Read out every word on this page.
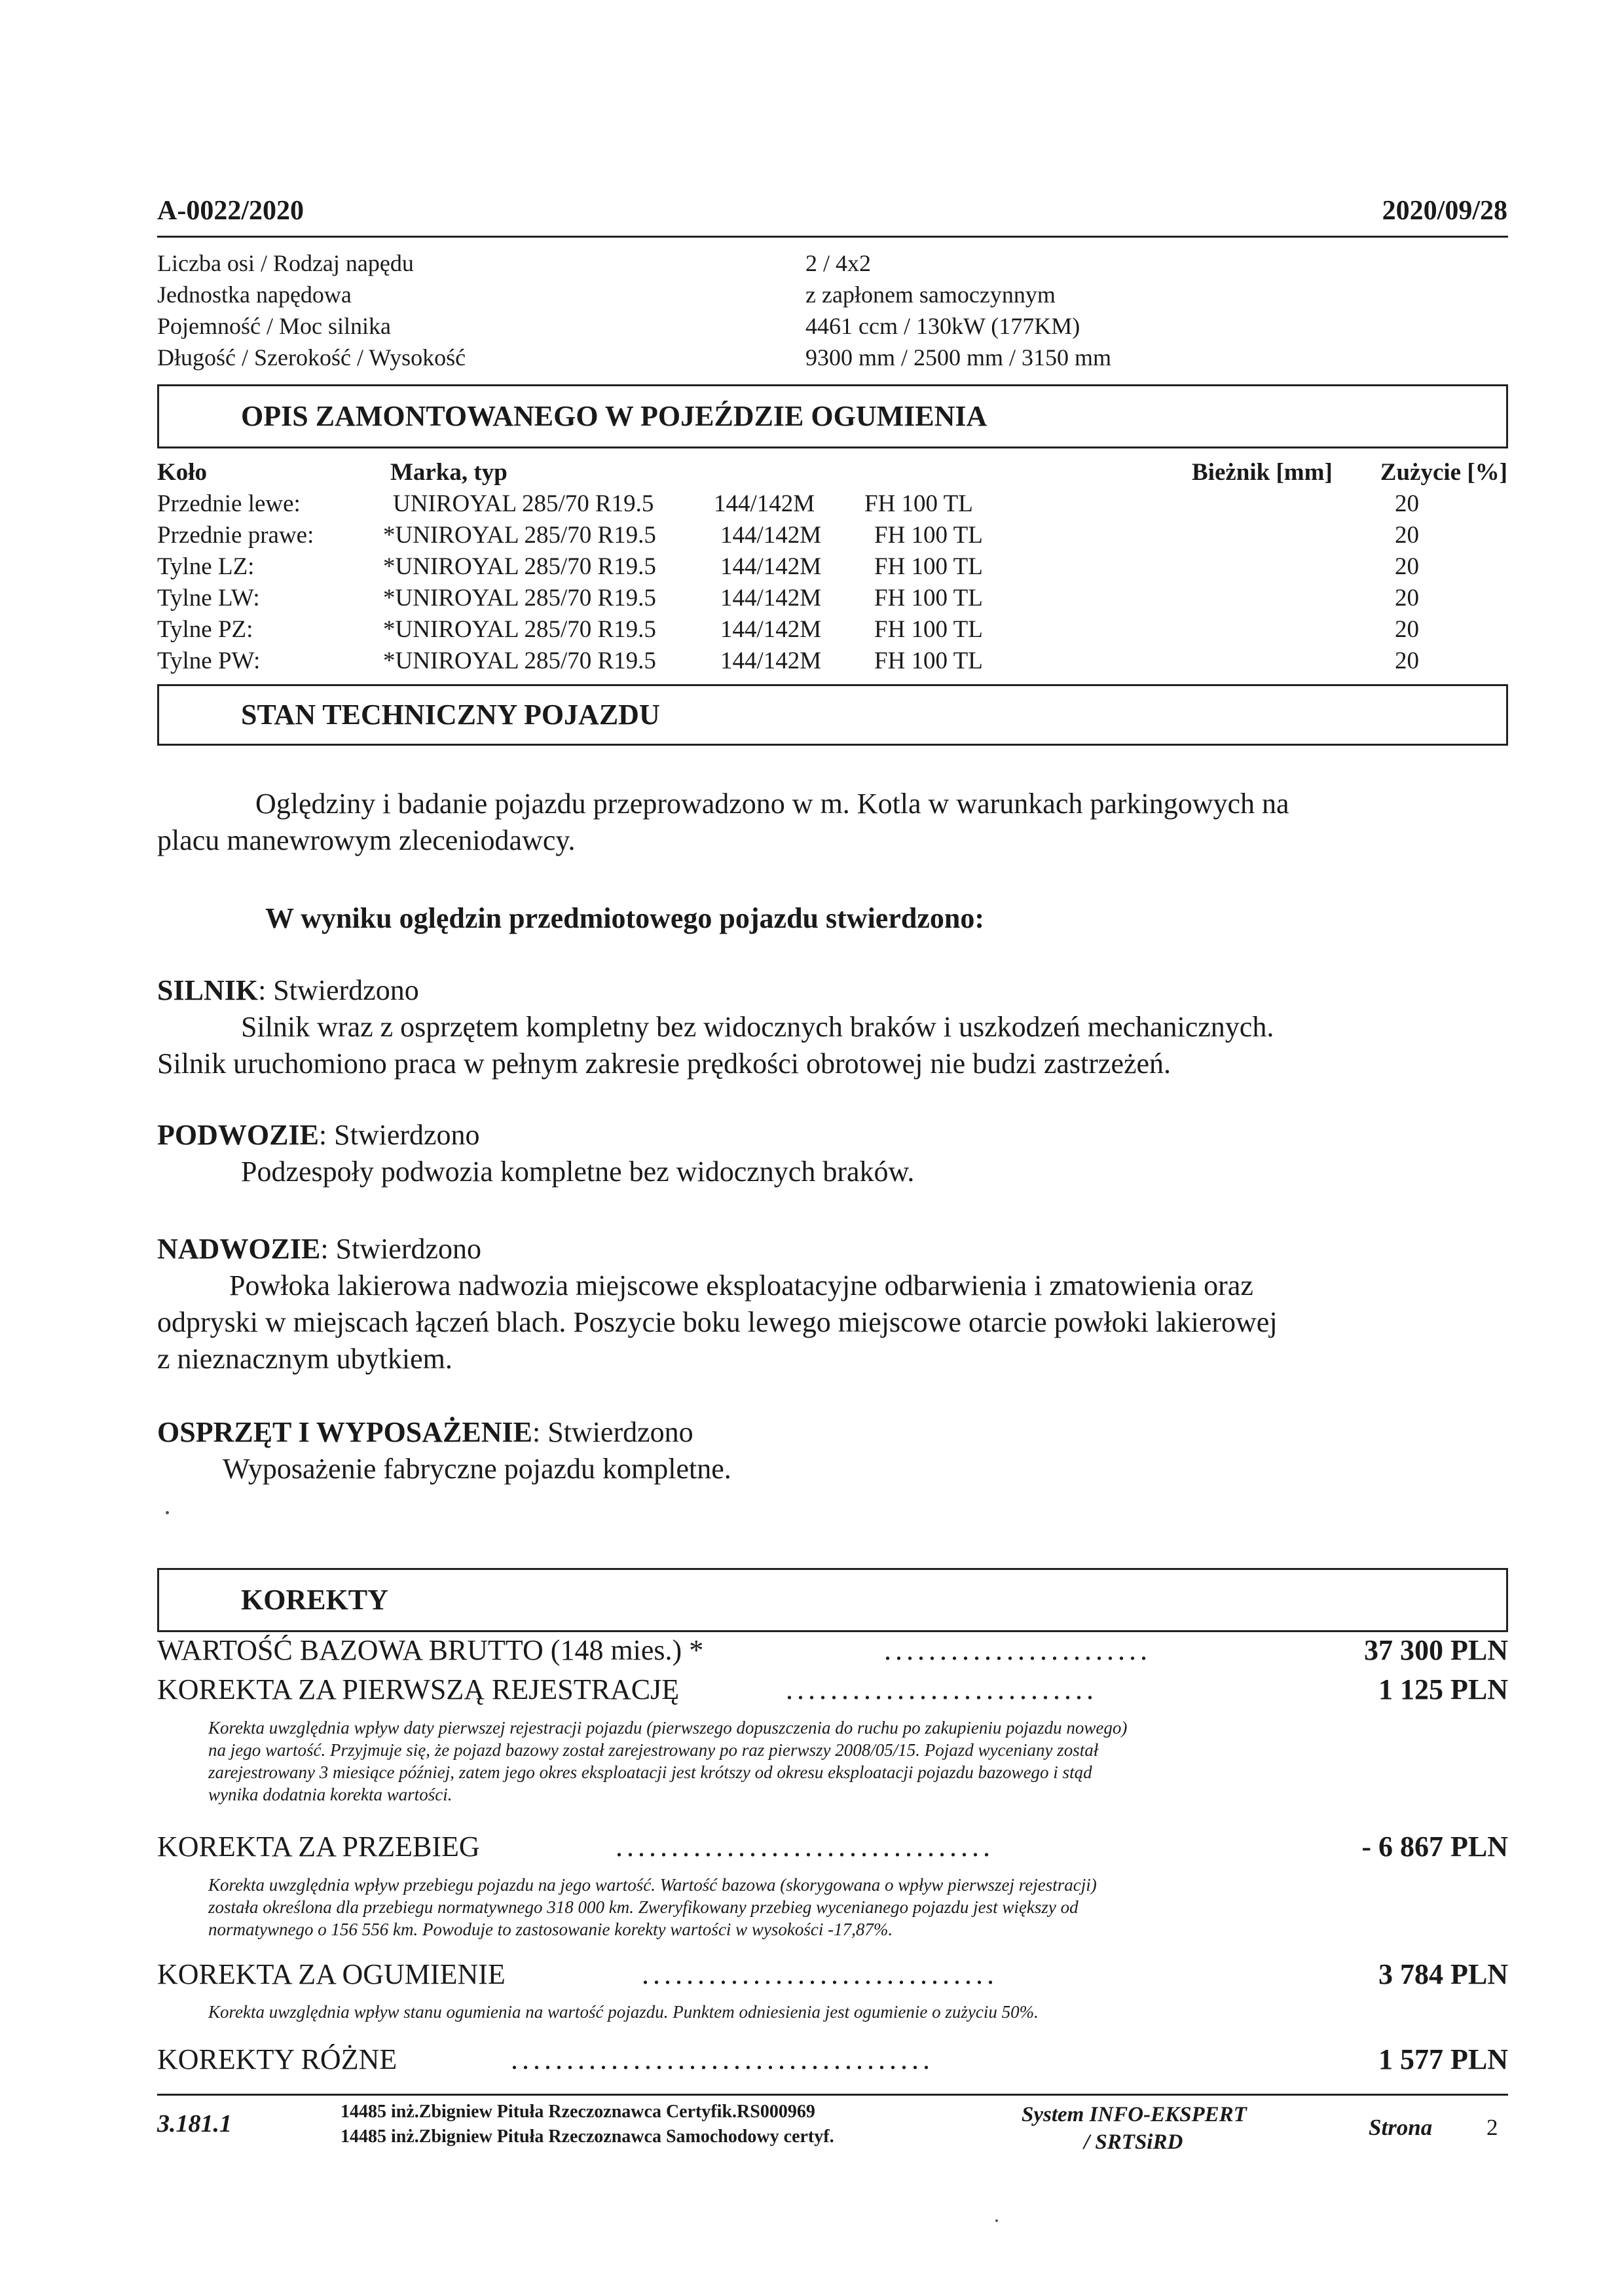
A-0022/2020	2020/09/28
Liczba osi / Rodzaj napędu	2 / 4x2
Jednostka napędowa	z zapłonem samoczynnym
Pojemność / Moc silnika	4461 ccm / 130kW (177KM)
Długość / Szerokość / Wysokość	9300 mm / 2500 mm / 3150 mm
OPIS ZAMONTOWANEGO W POJEŹDZIE OGUMIENIA
Koło	Marka, typ	Bieżnik [mm] Zużycie [%]
Przednie lewe:	UNIROYAL 285/70 R19.5 144/142M FH 100 TL	20
Przednie prawe:	*UNIROYAL 285/70 R19.5	144/142M FH 100 TL	20
Tylne LZ:	*UNIROYAL 285/70 R19.5	144/142M FH 100 TL	20
Tylne LW:	*UNIROYAL 285/70 R19.5	144/142M FH 100 TL	20
Tylne PZ:	*UNIROYAL 285/70 R19.5	144/142M FH 100 TL	20
Tylne PW:	*UNIROYAL 285/70 R19.5	144/142M FH 100 TL	20
STAN TECHNICZNY POJAZDU
Oględziny i badanie pojazdu przeprowadzono w m. Kotla w warunkach parkingowych na
placu manewrowym zleceniodawcy.
W wyniku oględzin przedmiotowego pojazdu stwierdzono:
SILNIK: Stwierdzono
Silnik wraz z osprzętem kompletny bez widocznych braków i uszkodzeń mechanicznych.
Silnik uruchomiono praca w pełnym zakresie prędkości obrotowej nie budzi zastrzeżeń.
PODWOZIE: Stwierdzono
Podzespoły podwozia kompletne bez widocznych braków.
NADWOZIE: Stwierdzono
Powłoka lakierowa nadwozia miejscowe eksploatacyjne odbarwienia i zmatowienia oraz
odpryski w miejscach łączeń blach. Poszycie boku lewego miejscowe otarcie powłoki lakierowej
z nieznacznym ubytkiem.
OSPRZĘT I WYPOSAŻENIE: Stwierdzono
Wyposażenie fabryczne pojazdu kompletne.
KOREKTY
WARTOŚĆ BAZOWA BRUTTO (148 mies.) *	........................	37 300 PLN
KOREKTA ZA PIERWSZĄ REJESTRACJĘ	............................	1 125 PLN
Korekta uwzględnia wpływ daty pierwszej rejestracji pojazdu (pierwszego dopuszczenia do ruchu po zakupieniu pojazdu nowego)
na jego wartość. Przyjmuje się, że pojazd bazowy został zarejestrowany po raz pierwszy 2008/05/15. Pojazd wyceniany został
zarejestrowany 3 miesiące później, zatem jego okres eksploatacji jest krótszy od okresu eksploatacji pojazdu bazowego i stąd
wynika dodatnia korekta wartości.
KOREKTA ZA PRZEBIEG	..................................	- 6 867 PLN
Korekta uwzględnia wpływ przebiegu pojazdu na jego wartość. Wartość bazowa (skorygowana o wpływ pierwszej rejestracji)
została określona dla przebiegu normatywnego 318 000 km. Zweryfikowany przebieg wycenianego pojazdu jest większy od
normatywnego o 156 556 km. Powoduje to zastosowanie korekty wartości w wysokości -17,87%.
KOREKTA ZA OGUMIENIE	................................	3 784 PLN
Korekta uwzględnia wpływ stanu ogumienia na wartość pojazdu. Punktem odniesienia jest ogumienie o zużyciu 50%.
KOREKTY RÓŻNE	......................................	1 577 PLN
3.181.1	14485 inż.Zbigniew Pituła Rzeczoznawca Certyfik.RS000969
14485 inż.Zbigniew Pituła Rzeczoznawca Samochodowy certyf.
System INFO-EKSPERT
/ SRTSiRD
Strona 2
